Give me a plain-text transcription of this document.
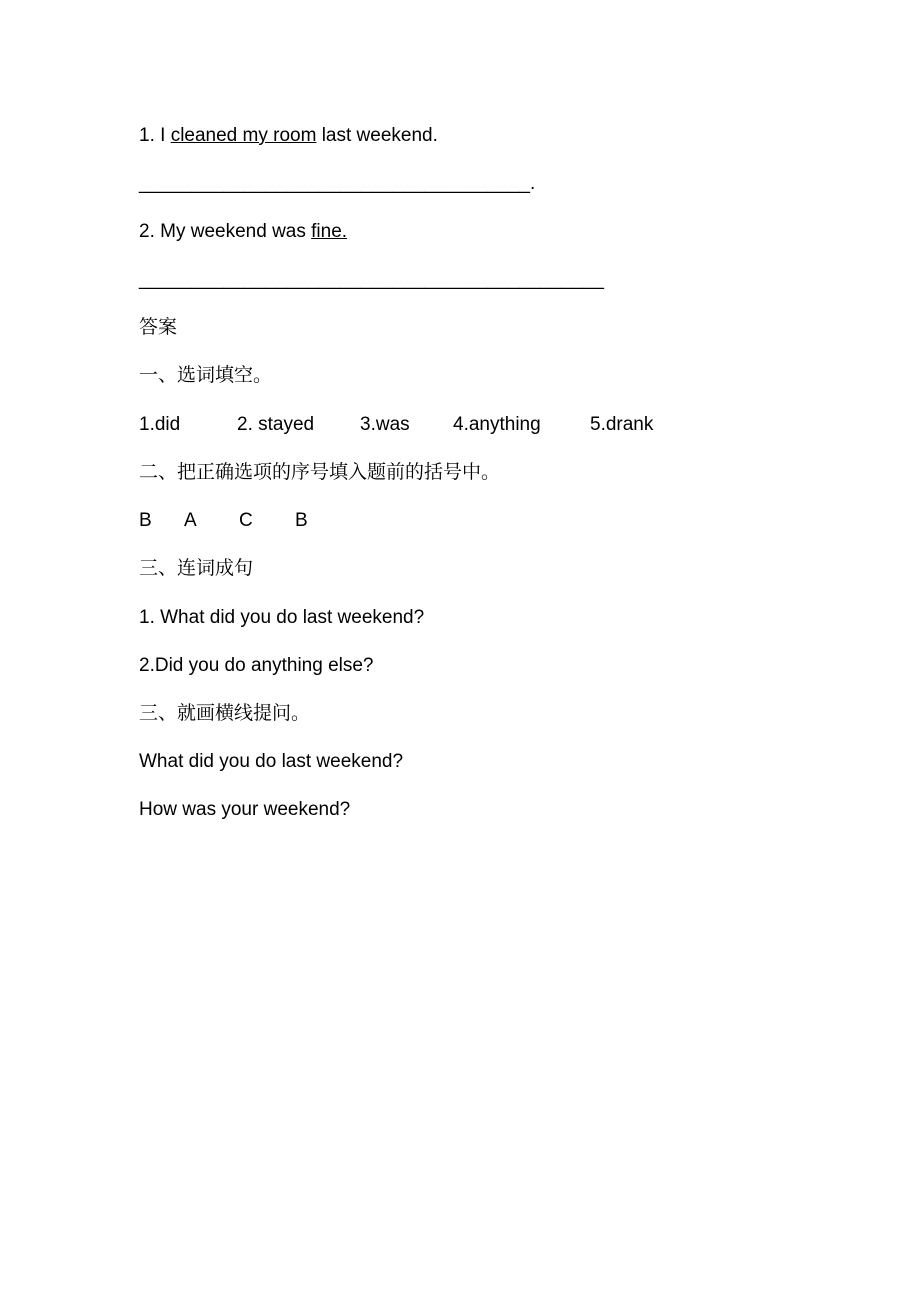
1. I cleaned my room last weekend.
_____________________________________.
2. My weekend was fine.
____________________________________________
答案
一、选词填空。
1.did	2. stayed 3.was 4.anything	5.drank
二、把正确选项的序号填入题前的括号中。
B A C B
三、连词成句
1. What did you do last weekend?
2.Did you do anything else?
三、就画横线提问。
What did you do last weekend?
How was your weekend?
